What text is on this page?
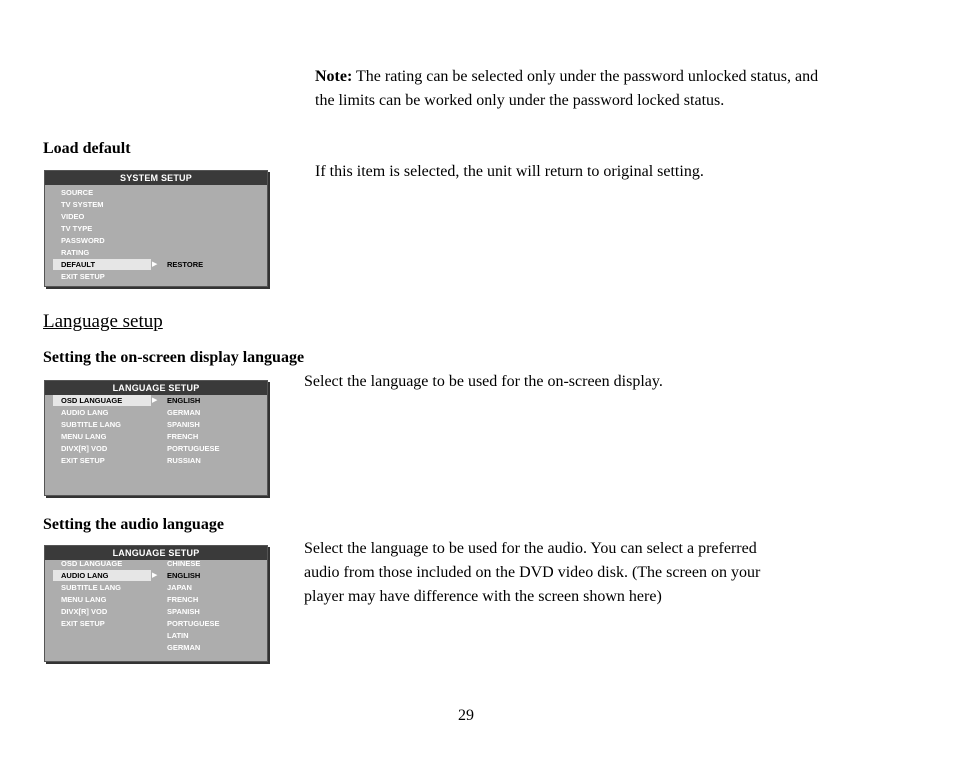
Note: The rating can be selected only under the password unlocked status, and
the limits can be worked only under the password locked status.
Load default
If this item is selected, the unit will return to original setting.
SYSTEM SETUP
SOURCE
TV SYSTEM
VIDEO
TV TYPE
PASSWORD
RATING
DEFAULT	▶ RESTORE
EXIT SETUP
Language setup
Setting the on-screen display language
Select the language to be used for the on-screen display.
LANGUAGE SETUP
OSD LANGUAGE	▶ ENGLISH
AUDIO LANG	GERMAN
SUBTITLE LANG	SPANISH
MENU LANG	FRENCH
DIVX[R] VOD	PORTUGUESE
EXIT SETUP	RUSSIAN
Setting the audio language
Select the language to be used for the audio. You can select a preferred
audio from those included on the DVD video disk. (The screen on your
player may have difference with the screen shown here)
LANGUAGE SETUP
OSD LANGUAGE	CHINESE
AUDIO LANG	▶ ENGLISH
SUBTITLE LANG	JAPAN
MENU LANG	FRENCH
DIVX[R] VOD	SPANISH
EXIT SETUP	PORTUGUESE
LATIN
GERMAN
29
